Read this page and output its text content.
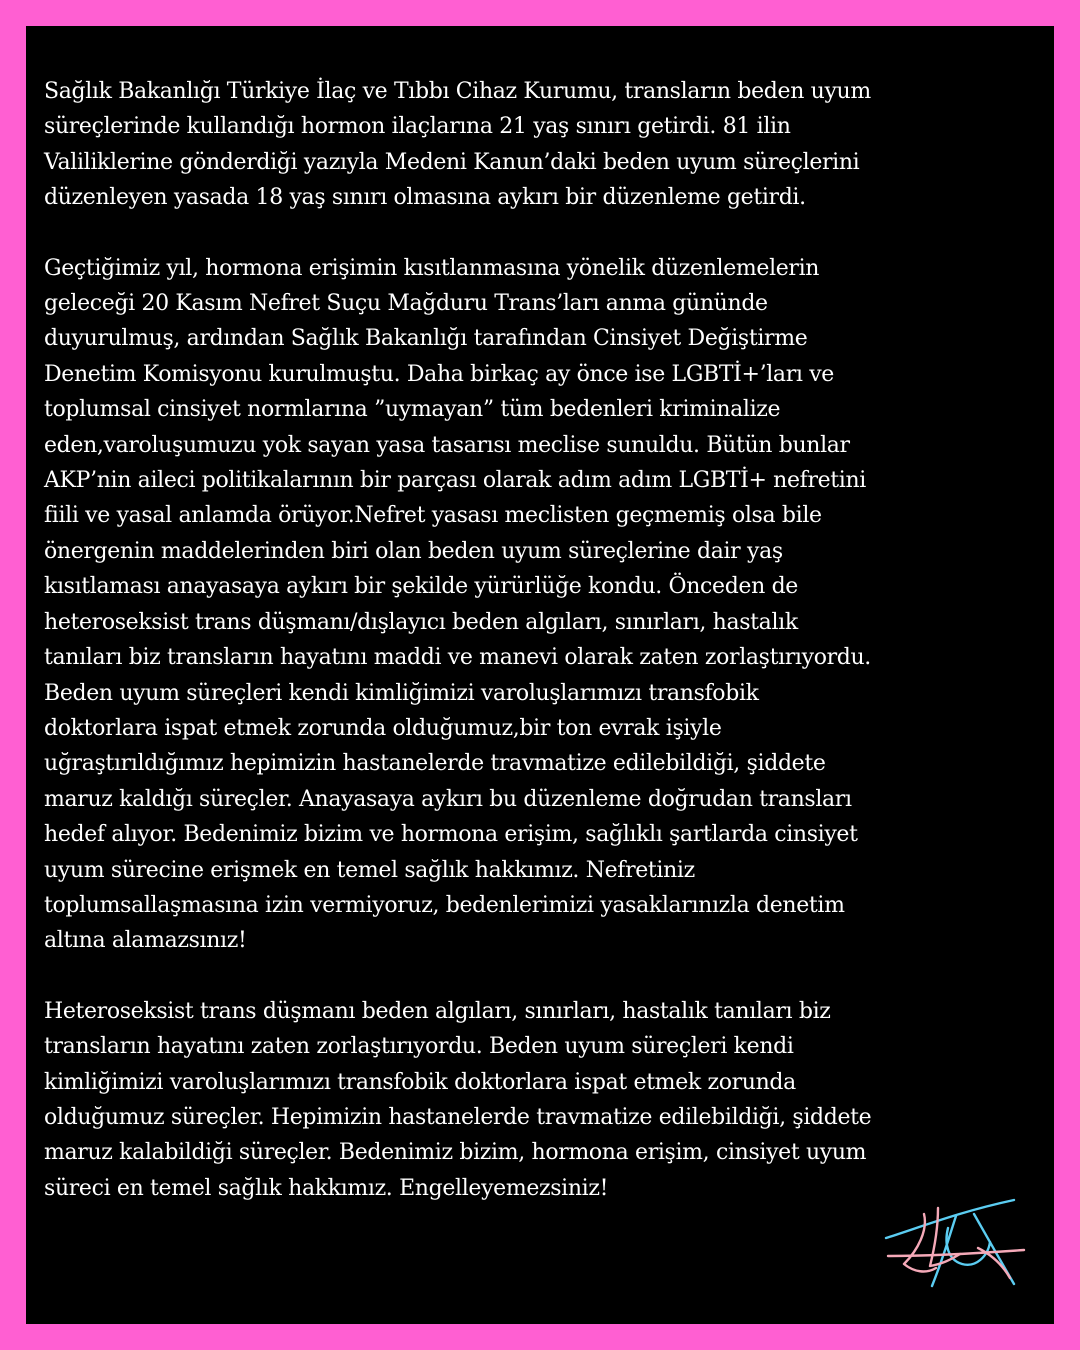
Sağlık Bakanlığı Türkiye İlaç ve Tıbbı Cihaz Kurumu, transların beden uyum
süreçlerinde kullandığı hormon ilaçlarına 21 yaş sınırı getirdi. 81 ilin
Valiliklerine gönderdiği yazıyla Medeni Kanun’daki beden uyum süreçlerini
düzenleyen yasada 18 yaş sınırı olmasına aykırı bir düzenleme getirdi.

Geçtiğimiz yıl, hormona erişimin kısıtlanmasına yönelik düzenlemelerin
geleceği 20 Kasım Nefret Suçu Mağduru Trans’ları anma gününde
duyurulmuş, ardından Sağlık Bakanlığı tarafından Cinsiyet Değiştirme
Denetim Komisyonu kurulmuştu. Daha birkaç ay önce ise LGBTİ+’ları ve
toplumsal cinsiyet normlarına ”uymayan” tüm bedenleri kriminalize
eden,varoluşumuzu yok sayan yasa tasarısı meclise sunuldu. Bütün bunlar
AKP’nin aileci politikalarının bir parçası olarak adım adım LGBTİ+ nefretini
fiili ve yasal anlamda örüyor.Nefret yasası meclisten geçmemiş olsa bile
önergenin maddelerinden biri olan beden uyum süreçlerine dair yaş
kısıtlaması anayasaya aykırı bir şekilde yürürlüğe kondu. Önceden de
heteroseksist trans düşmanı/dışlayıcı beden algıları, sınırları, hastalık
tanıları biz transların hayatını maddi ve manevi olarak zaten zorlaştırıyordu.
Beden uyum süreçleri kendi kimliğimizi varoluşlarımızı transfobik
doktorlara ispat etmek zorunda olduğumuz,bir ton evrak işiyle
uğraştırıldığımız hepimizin hastanelerde travmatize edilebildiği, şiddete
maruz kaldığı süreçler. Anayasaya aykırı bu düzenleme doğrudan transları
hedef alıyor. Bedenimiz bizim ve hormona erişim, sağlıklı şartlarda cinsiyet
uyum sürecine erişmek en temel sağlık hakkımız. Nefretiniz
toplumsallaşmasına izin vermiyoruz, bedenlerimizi yasaklarınızla denetim
altına alamazsınız!

Heteroseksist trans düşmanı beden algıları, sınırları, hastalık tanıları biz
transların hayatını zaten zorlaştırıyordu. Beden uyum süreçleri kendi
kimliğimizi varoluşlarımızı transfobik doktorlara ispat etmek zorunda
olduğumuz süreçler. Hepimizin hastanelerde travmatize edilebildiği, şiddete
maruz kalabildiği süreçler. Bedenimiz bizim, hormona erişim, cinsiyet uyum
süreci en temel sağlık hakkımız. Engelleyemezsiniz!
